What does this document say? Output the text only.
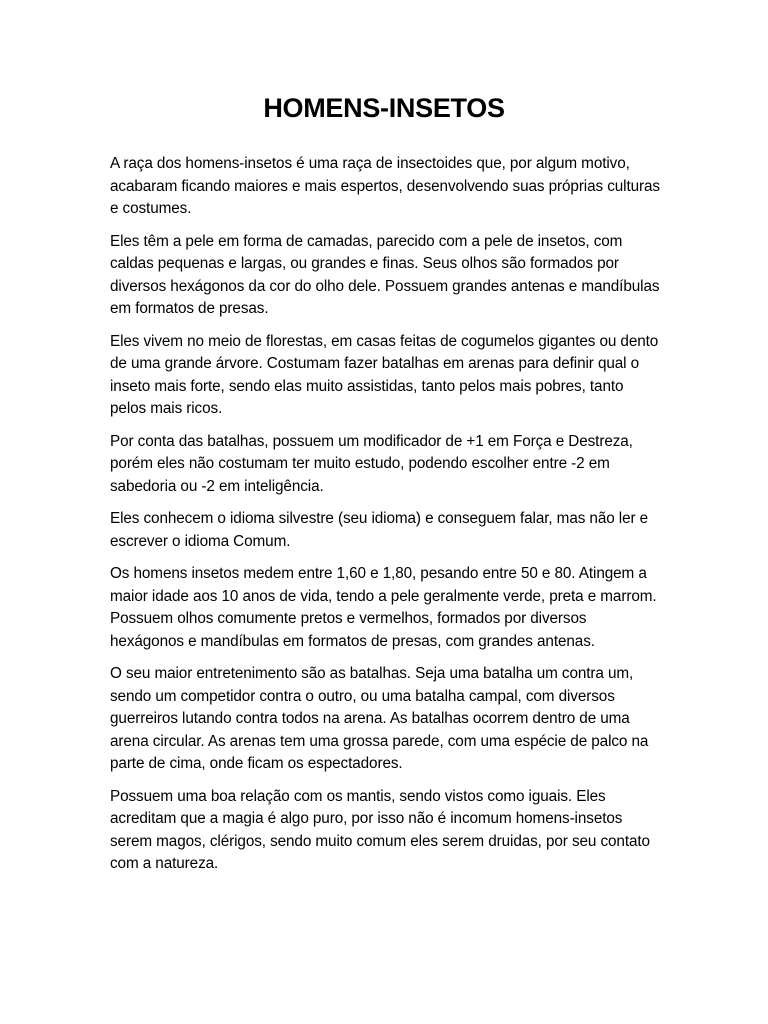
HOMENS-INSETOS

A raça dos homens-insetos é uma raça de insectoides que, por algum motivo, acabaram ficando maiores e mais espertos, desenvolvendo suas próprias culturas e costumes.

Eles têm a pele em forma de camadas, parecido com a pele de insetos, com caldas pequenas e largas, ou grandes e finas. Seus olhos são formados por diversos hexágonos da cor do olho dele. Possuem grandes antenas e mandíbulas em formatos de presas.

Eles vivem no meio de florestas, em casas feitas de cogumelos gigantes ou dento de uma grande árvore. Costumam fazer batalhas em arenas para definir qual o inseto mais forte, sendo elas muito assistidas, tanto pelos mais pobres, tanto pelos mais ricos.

Por conta das batalhas, possuem um modificador de +1 em Força e Destreza, porém eles não costumam ter muito estudo, podendo escolher entre -2 em sabedoria ou -2 em inteligência.

Eles conhecem o idioma silvestre (seu idioma) e conseguem falar, mas não ler e escrever o idioma Comum.

Os homens insetos medem entre 1,60 e 1,80, pesando entre 50 e 80. Atingem a maior idade aos 10 anos de vida, tendo a pele geralmente verde, preta e marrom. Possuem olhos comumente pretos e vermelhos, formados por diversos hexágonos e mandíbulas em formatos de presas, com grandes antenas.

O seu maior entretenimento são as batalhas. Seja uma batalha um contra um, sendo um competidor contra o outro, ou uma batalha campal, com diversos guerreiros lutando contra todos na arena. As batalhas ocorrem dentro de uma arena circular. As arenas tem uma grossa parede, com uma espécie de palco na parte de cima, onde ficam os espectadores.

Possuem uma boa relação com os mantis, sendo vistos como iguais. Eles acreditam que a magia é algo puro, por isso não é incomum homens-insetos serem magos, clérigos, sendo muito comum eles serem druidas, por seu contato com a natureza.
